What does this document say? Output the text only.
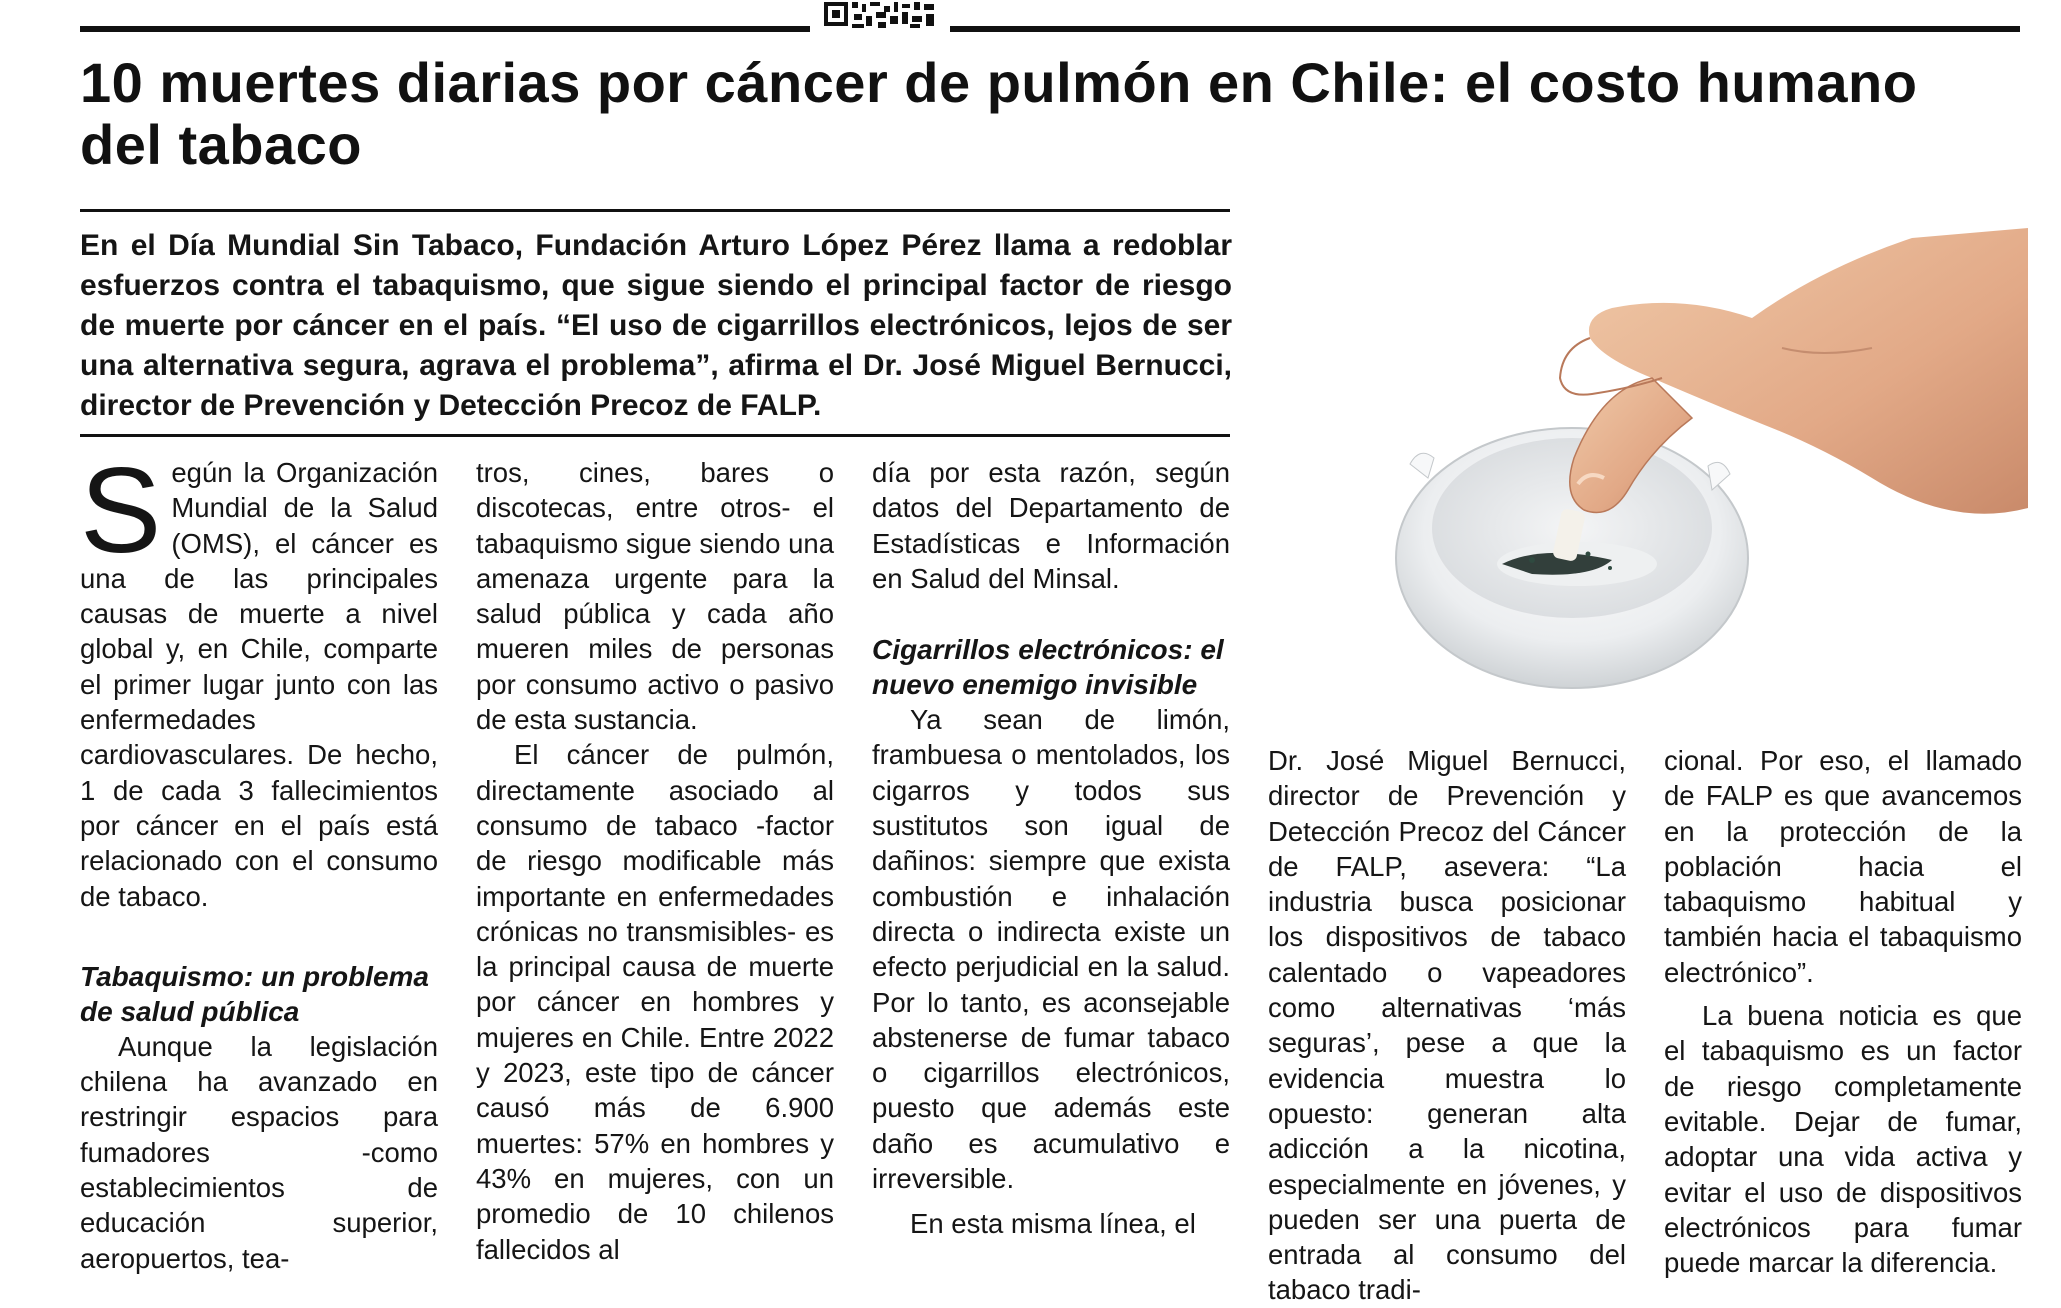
10 muertes diarias por cáncer de pulmón en Chile: el costo humano del tabaco

En el Día Mundial Sin Tabaco, Fundación Arturo López Pérez llama a redoblar esfuerzos contra el tabaquismo, que sigue siendo el principal factor de riesgo de muerte por cáncer en el país. “El uso de cigarrillos electrónicos, lejos de ser una alternativa segura, agrava el problema”, afirma el Dr. José Miguel Bernucci, director de Prevención y Detección Precoz de FALP.

Según la Organización Mundial de la Salud (OMS), el cáncer es una de las principales causas de muerte a nivel global y, en Chile, comparte el primer lugar junto con las enfermedades cardiovasculares. De hecho, 1 de cada 3 fallecimientos por cáncer en el país está relacionado con el consumo de tabaco.

Tabaquismo: un problema de salud pública

Aunque la legislación chilena ha avanzado en restringir espacios para fumadores -como establecimientos de educación superior, aeropuertos, tea-

tros, cines, bares o discotecas, entre otros- el tabaquismo sigue siendo una amenaza urgente para la salud pública y cada año mueren miles de personas por consumo activo o pasivo de esta sustancia.

El cáncer de pulmón, directamente asociado al consumo de tabaco -factor de riesgo modificable más importante en enfermedades crónicas no transmisibles- es la principal causa de muerte por cáncer en hombres y mujeres en Chile. Entre 2022 y 2023, este tipo de cáncer causó más de 6.900 muertes: 57% en hombres y 43% en mujeres, con un promedio de 10 chilenos fallecidos al

día por esta razón, según datos del Departamento de Estadísticas e Información en Salud del Minsal.

Cigarrillos electrónicos: el nuevo enemigo invisible

Ya sean de limón, frambuesa o mentolados, los cigarros y todos sus sustitutos son igual de dañinos: siempre que exista combustión e inhalación directa o indirecta existe un efecto perjudicial en la salud. Por lo tanto, es aconsejable abstenerse de fumar tabaco o cigarrillos electrónicos, puesto que además este daño es acumulativo e irreversible.

En esta misma línea, el

Dr. José Miguel Bernucci, director de Prevención y Detección Precoz del Cáncer de FALP, asevera: “La industria busca posicionar los dispositivos de tabaco calentado o vapeadores como alternativas ‘más seguras’, pese a que la evidencia muestra lo opuesto: generan alta adicción a la nicotina, especialmente en jóvenes, y pueden ser una puerta de entrada al consumo del tabaco tradi-

cional. Por eso, el llamado de FALP es que avancemos en la protección de la población hacia el tabaquismo habitual y también hacia el tabaquismo electrónico”.

La buena noticia es que el tabaquismo es un factor de riesgo completamente evitable. Dejar de fumar, adoptar una vida activa y evitar el uso de dispositivos electrónicos para fumar puede marcar la diferencia.
